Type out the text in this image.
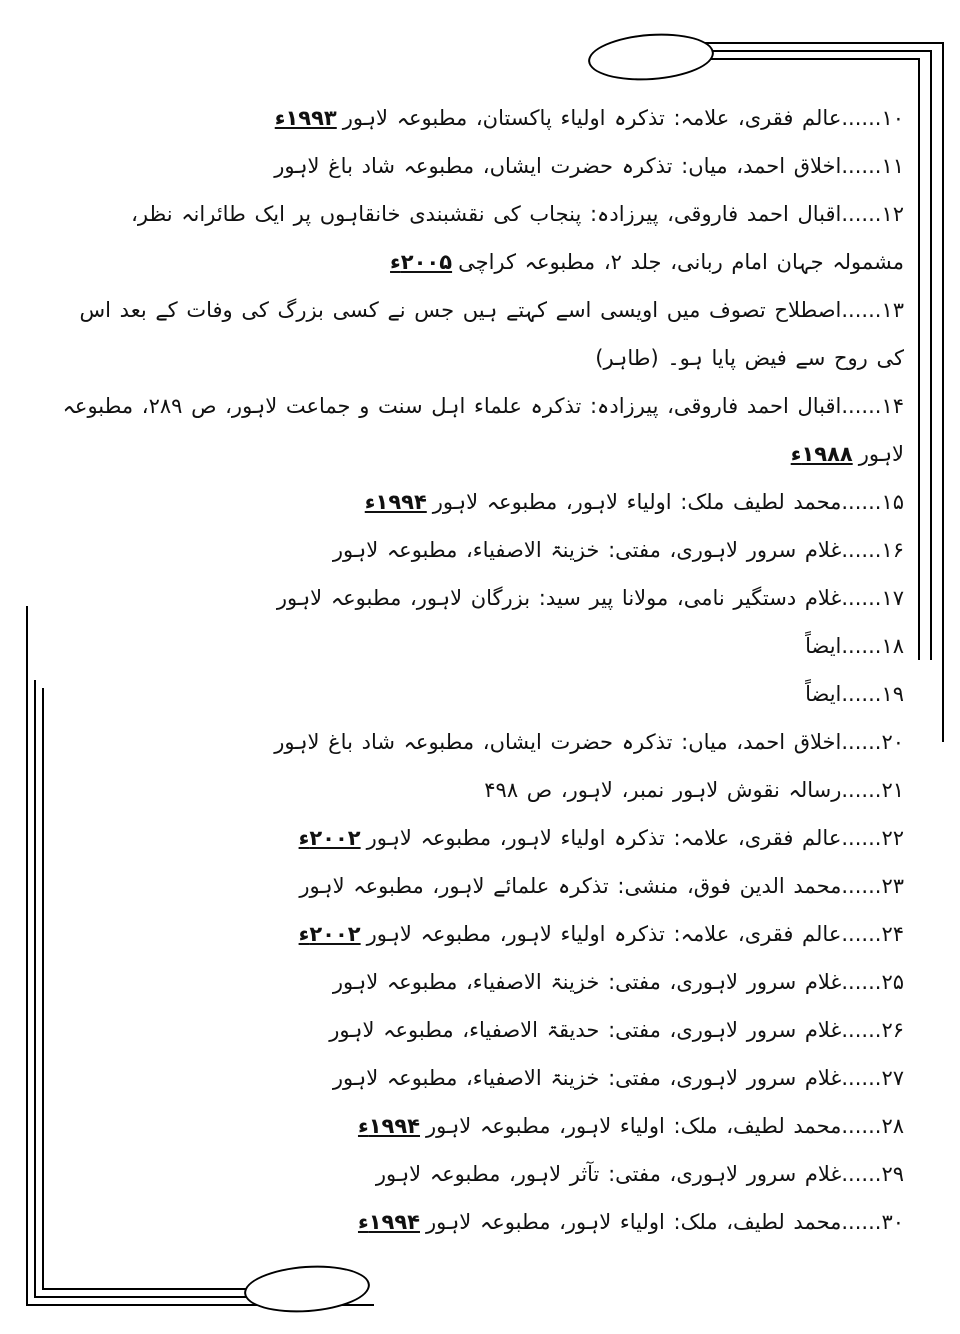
۱۰......عالم فقری، علامہ: تذکرہ اولیاء پاکستان، مطبوعہ لاہور۱۹۹۳ء

۱۱......اخلاق احمد، میاں: تذکرہ حضرت ایشاں، مطبوعہ شاد باغ لاہور

۱۲......اقبال احمد فاروقی، پیرزادہ: پنجاب کی نقشبندی خانقاہوں پر ایک طائرانہ نظر، مشمولہ جہان امام ربانی، جلد ۲، مطبوعہ کراچی۲۰۰۵ء

۱۳......اصطلاح تصوف میں اویسی اسے کہتے ہیں جس نے کسی بزرگ کی وفات کے بعد اس کی روح سے فیض پایا ہو۔ (طاہر)

۱۴......اقبال احمد فاروقی، پیرزادہ: تذکرہ علماء اہل سنت و جماعت لاہور، ص ۲۸۹، مطبوعہ لاہور۱۹۸۸ء

۱۵......محمد لطیف ملک: اولیاء لاہور، مطبوعہ لاہور۱۹۹۴ء

۱۶......غلام سرور لاہوری، مفتی: خزینۃ الاصفیاء، مطبوعہ لاہور

۱۷......غلام دستگیر نامی، مولانا پیر سید: بزرگان لاہور، مطبوعہ لاہور

۱۸......ایضاً

۱۹......ایضاً

۲۰......اخلاق احمد، میاں: تذکرہ حضرت ایشاں، مطبوعہ شاد باغ لاہور

۲۱......رسالہ نقوش لاہور نمبر، لاہور، ص ۴۹۸

۲۲......عالم فقری، علامہ: تذکرہ اولیاء لاہور، مطبوعہ لاہور۲۰۰۲ء

۲۳......محمد الدین فوق، منشی: تذکرہ علمائے لاہور، مطبوعہ لاہور

۲۴......عالم فقری، علامہ: تذکرہ اولیاء لاہور، مطبوعہ لاہور۲۰۰۲ء

۲۵......غلام سرور لاہوری، مفتی: خزینۃ الاصفیاء، مطبوعہ لاہور

۲۶......غلام سرور لاہوری، مفتی: حدیقۃ الاصفیاء، مطبوعہ لاہور

۲۷......غلام سرور لاہوری، مفتی: خزینۃ الاصفیاء، مطبوعہ لاہور

۲۸......محمد لطیف، ملک: اولیاء لاہور، مطبوعہ لاہور۱۹۹۴ء

۲۹......غلام سرور لاہوری، مفتی: تآثر لاہور، مطبوعہ لاہور

۳۰......محمد لطیف، ملک: اولیاء لاہور، مطبوعہ لاہور۱۹۹۴ء
